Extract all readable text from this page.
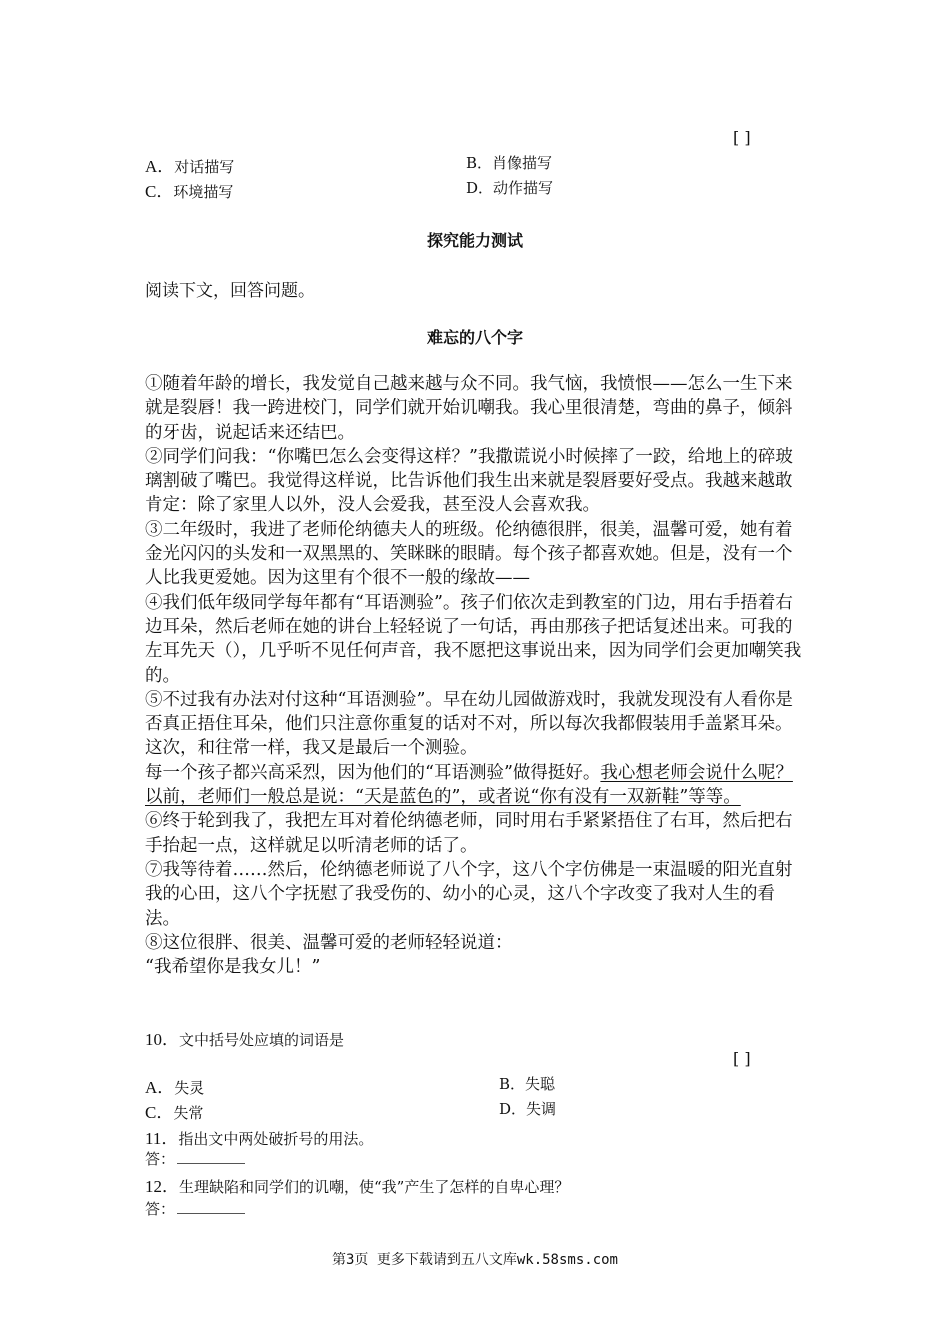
[ ]
A．对话描写	B．肖像描写
C．环境描写	D．动作描写
探究能力测试
阅读下文，回答问题。
难忘的八个字

①随着年龄的增长，我发觉自己越来越与众不同。我气恼，我愤恨——怎么一生下来就是裂唇！我一跨进校门，同学们就开始讥嘲我。我心里很清楚，弯曲的鼻子，倾斜的牙齿，说起话来还结巴。

②同学们问我：“你嘴巴怎么会变得这样？”我撒谎说小时候摔了一跤，给地上的碎玻璃割破了嘴巴。我觉得这样说，比告诉他们我生出来就是裂唇要好受点。我越来越敢肯定：除了家里人以外，没人会爱我，甚至没人会喜欢我。

③二年级时，我进了老师伦纳德夫人的班级。伦纳德很胖，很美，温馨可爱，她有着金光闪闪的头发和一双黑黑的、笑眯眯的眼睛。每个孩子都喜欢她。但是，没有一个人比我更爱她。因为这里有个很不一般的缘故——

④我们低年级同学每年都有“耳语测验”。孩子们依次走到教室的门边，用右手捂着右边耳朵，然后老师在她的讲台上轻轻说了一句话，再由那孩子把话复述出来。可我的左耳先天（），几乎听不见任何声音，我不愿把这事说出来，因为同学们会更加嘲笑我的。

⑤不过我有办法对付这种“耳语测验”。早在幼儿园做游戏时，我就发现没有人看你是否真正捂住耳朵，他们只注意你重复的话对不对，所以每次我都假装用手盖紧耳朵。这次，和往常一样，我又是最后一个测验。

每一个孩子都兴高采烈，因为他们的“耳语测验”做得挺好。我心想老师会说什么呢？以前，老师们一般总是说：“天是蓝色的”，或者说“你有没有一双新鞋”等等。

⑥终于轮到我了，我把左耳对着伦纳德老师，同时用右手紧紧捂住了右耳，然后把右手抬起一点，这样就足以听清老师的话了。

⑦我等待着……然后，伦纳德老师说了八个字，这八个字仿佛是一束温暖的阳光直射我的心田，这八个字抚慰了我受伤的、幼小的心灵，这八个字改变了我对人生的看法。

⑧这位很胖、很美、温馨可爱的老师轻轻说道：

“我希望你是我女儿！”

10．文中括号处应填的词语是
[ ]
A．失灵	B．失聪
C．失常	D．失调
11．指出文中两处破折号的用法。
答：
12．生理缺陷和同学们的讥嘲，使“我”产生了怎样的自卑心理？
答：
第3页 更多下载请到五八文库wk.58sms.com
